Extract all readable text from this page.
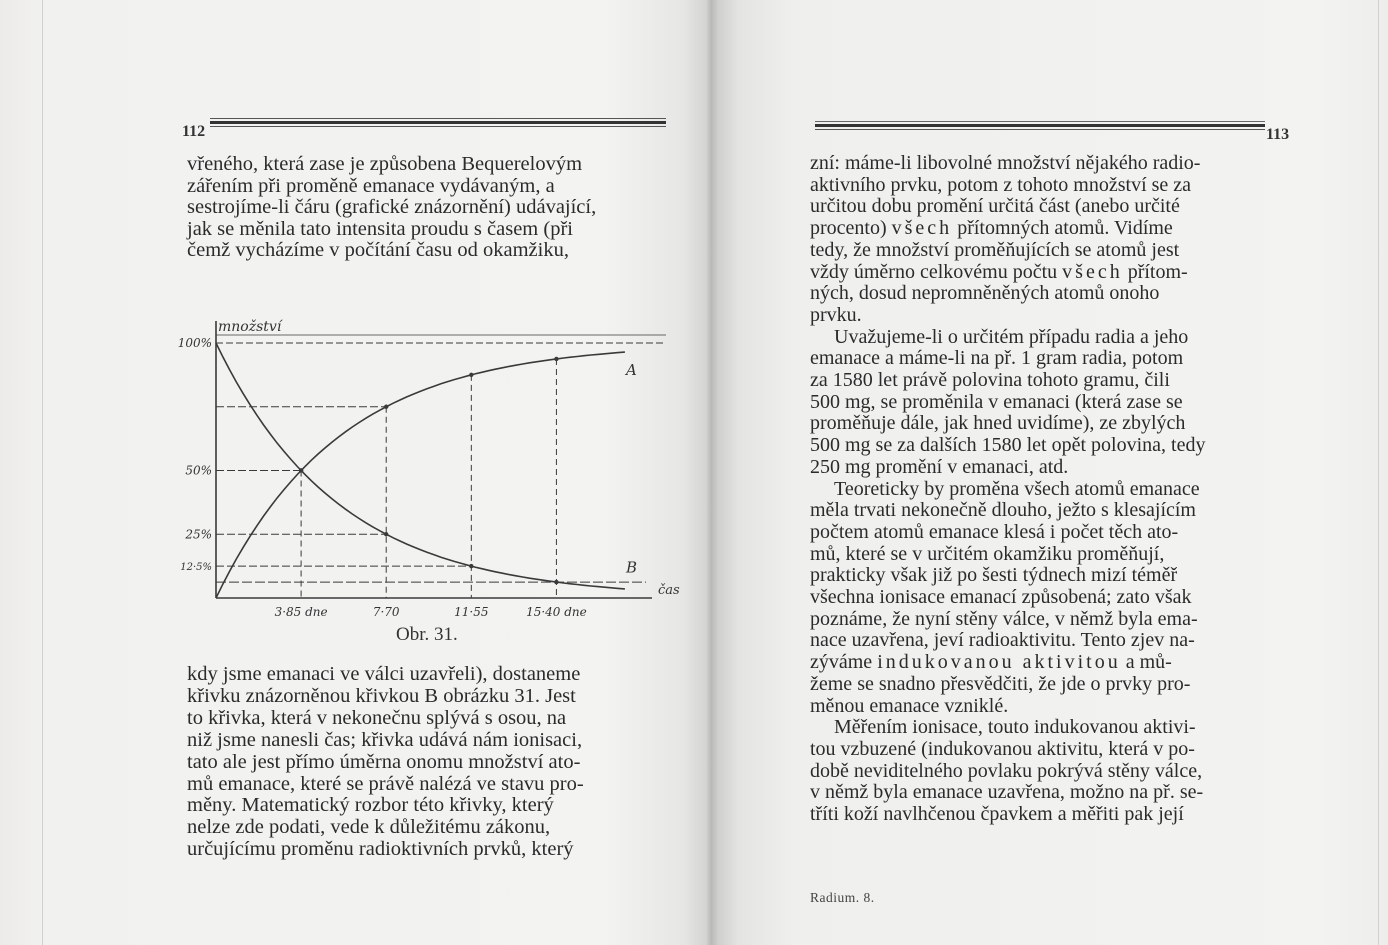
112

vřeného, která zase je způsobena Bequerelovým

zářením při proměně emanace vydávaným, a

sestrojíme-li čáru (grafické znázornění) udávající,

jak se měnila tato intensita proudu s časem (při

čemž vycházíme v počítání času od okamžiku,

100%
50%
25%
12·5%
3·85 dne	7·70	11·55	15·40 dne
množství
čas
A
B
Obr. 31.

kdy jsme emanaci ve válci uzavřeli), dostaneme

křivku znázorněnou křivkou B obrázku 31. Jest

to křivka, která v nekonečnu splývá s osou, na

niž jsme nanesli čas; křivka udává nám ionisaci,

tato ale jest přímo úměrna onomu množství ato-

mů emanace, které se právě nalézá ve stavu pro-

měny. Matematický rozbor této křivky, který

nelze zde podati, vede k důležitému zákonu,

určujícímu proměnu radioktivních prvků, který

113

zní: máme-li libovolné množství nějakého radio-

aktivního prvku, potom z tohoto množství se za

určitou dobu promění určitá část (anebo určité

procento) všech přítomných atomů. Vidíme

tedy, že množství proměňujících se atomů jest

vždy úměrno celkovému počtu všech přítom-

ných, dosud nepromněněných atomů onoho

prvku.

Uvažujeme-li o určitém případu radia a jeho

emanace a máme-li na př. 1 gram radia, potom

za 1580 let právě polovina tohoto gramu, čili

500 mg, se proměnila v emanaci (která zase se

proměňuje dále, jak hned uvidíme), ze zbylých

500 mg se za dalších 1580 let opět polovina, tedy

250 mg promění v emanaci, atd.

Teoreticky by proměna všech atomů emanace

měla trvati nekonečně dlouho, ježto s klesajícím

počtem atomů emanace klesá i počet těch ato-

mů, které se v určitém okamžiku proměňují,

prakticky však již po šesti týdnech mizí téměř

všechna ionisace emanací způsobená; zato však

poznáme, že nyní stěny válce, v němž byla ema-

nace uzavřena, jeví radioaktivitu. Tento zjev na-

zýváme indukovanou aktivitou a mů-

žeme se snadno přesvědčiti, že jde o prvky pro-

měnou emanace vzniklé.

Měřením ionisace, touto indukovanou aktivi-

tou vzbuzené (indukovanou aktivitu, která v po-

době neviditelného povlaku pokrývá stěny válce,

v němž byla emanace uzavřena, možno na př. se-

tříti koží navlhčenou čpavkem a měřiti pak její

Radium. 8.
